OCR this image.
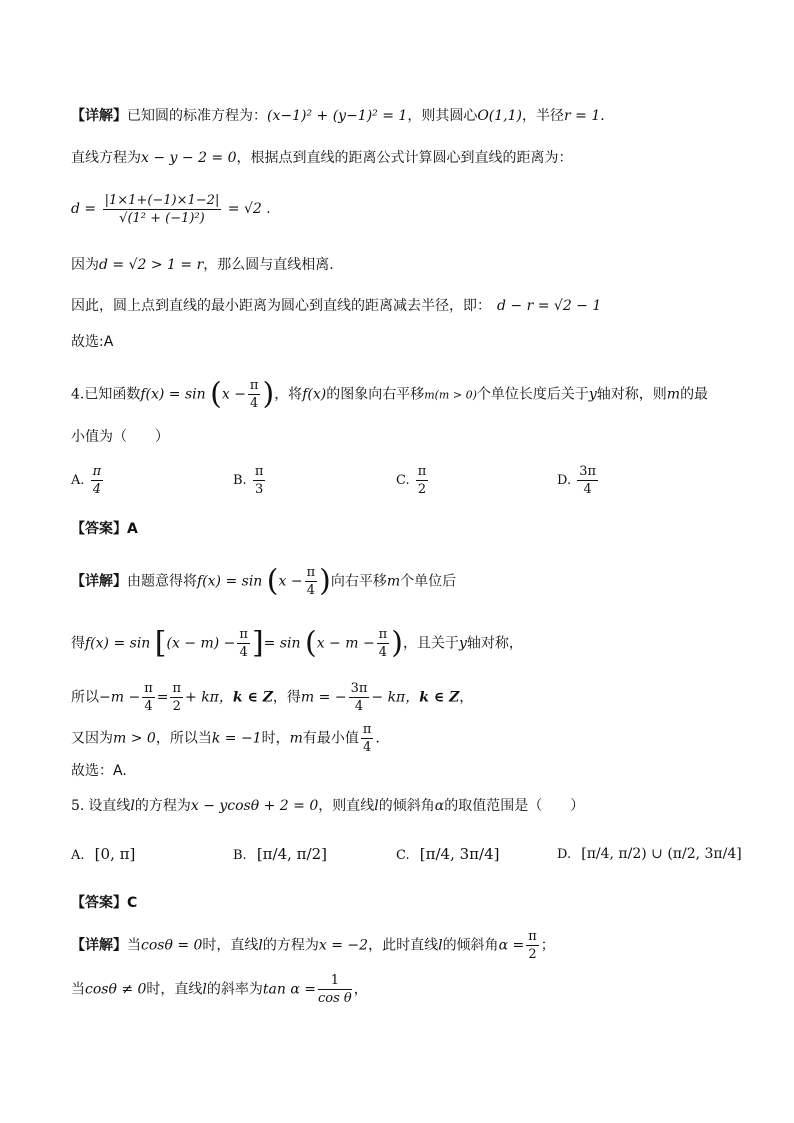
【详解】已知圆的标准方程为：(x−1)² + (y−1)² = 1，则其圆心O(1,1)，半径r = 1.
直线方程为x − y − 2 = 0，根据点到直线的距离公式计算圆心到直线的距离为：
$d = \frac{|1\times 1+(-1)\times 1-2|}{\text{√(1² + (−1)²)}} = √2$ .
因为d = √2 > 1 = r，那么圆与直线相离.
因此，圆上点到直线的最小距离为圆心到直线的距离减去半径，即： d − r = √2 − 1
故选:A
4.已知函数$f(x) = \sin (x - \frac{\pi}{4}$ )，将f(x)的图象向右平移m(m > 0)个单位长度后关于y轴对称，则m的最
小值为（　　）
A. $\frac{\pi}{4}$	B. $\frac{\pi}{3}$	C. $\frac{\pi}{2}$	D. $\frac{3\pi}{4}$
【答案】A
【详解】由题意得将$f(x) = \sin (x - \frac{\pi}{4}$ )向右平移m个单位后
得$f(x) = \sin [(x - m) - \frac{\pi}{4}$ ]= $\sin (x - m - \frac{\pi}{4}$ )，且关于y轴对称，
所以$-m - \frac{\pi}{4} = \frac{\pi}{2} + k\pi$，k ∈ Z，得m = − $\frac{3\pi}{4} - k\pi$，k ∈ Z，
又因为m > 0，所以当k = −1时，m有最小值 $\frac{\pi}{4}$ .
故选：A.
5. 设直线l的方程为x − ycosθ + 2 = 0，则直线l的倾斜角α的取值范围是（　　）
A. [0, π]	B. [π/4, π/2]	C. [π/4, 3π/4]	D. [π/4, π/2) ∪ (π/2, 3π/4]
【答案】C
【详解】当cosθ = 0时，直线l的方程为x = −2，此时直线l的倾斜角$\alpha = \frac{\pi}{2}$ ；
当cosθ ≠ 0时，直线l的斜率为$\tan \alpha = \frac{1}{\text{cos θ}}$ ，
